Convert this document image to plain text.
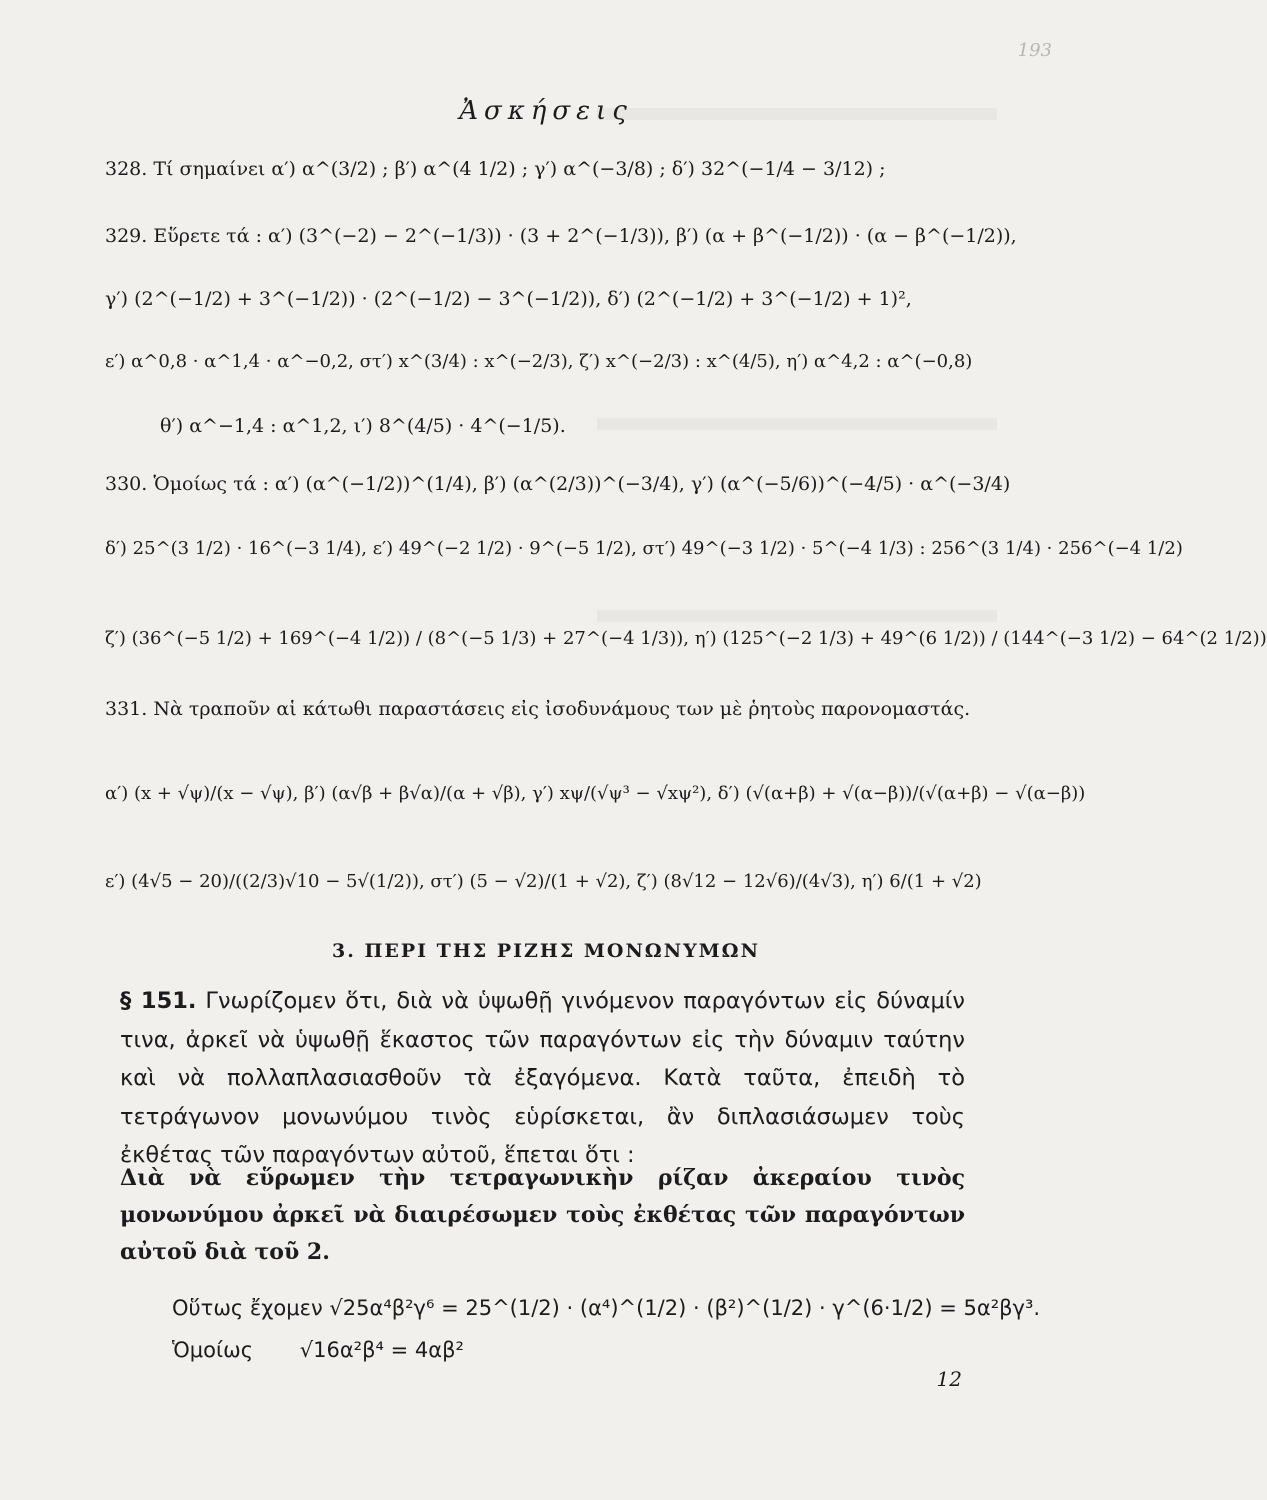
193
Ἀσκήσεις
328. Τί σημαίνει α′) α^(3/2) ; β′) α^(4 1/2) ; γ′) α^(−3/8) ; δ′) 32^(−1/4 − 3/12) ;
329. Εὕρετε τά : α′) (3^(−2) − 2^(−1/3)) · (3 + 2^(−1/3)), β′) (α + β^(−1/2)) · (α − β^(−1/2)),
γ′) (2^(−1/2) + 3^(−1/2)) · (2^(−1/2) − 3^(−1/2)), δ′) (2^(−1/2) + 3^(−1/2) + 1)²,
ε′) α^0,8 · α^1,4 · α^−0,2, στ′) x^(3/4) : x^(−2/3), ζ′) x^(−2/3) : x^(4/5), η′) α^4,2 : α^(−0,8)
θ′) α^−1,4 : α^1,2, ι′) 8^(4/5) · 4^(−1/5).
330. Ὁμοίως τά : α′) (α^(−1/2))^(1/4), β′) (α^(2/3))^(−3/4), γ′) (α^(−5/6))^(−4/5) · α^(−3/4)
δ′) 25^(3 1/2) · 16^(−3 1/4), ε′) 49^(−2 1/2) · 9^(−5 1/2), στ′) 49^(−3 1/2) · 5^(−4 1/3) : 256^(3 1/4) · 256^(−4 1/2)
ζ′) (36^(−5 1/2) + 169^(−4 1/2)) / (8^(−5 1/3) + 27^(−4 1/3)), η′) (125^(−2 1/3) + 49^(6 1/2)) / (144^(−3 1/2) − 64^(2 1/2))
331. Νὰ τραποῦν αἱ κάτωθι παραστάσεις εἰς ἰσοδυνάμους των μὲ ῥητοὺς παρονομαστάς.
α′) (x + √ψ)/(x − √ψ), β′) (α√β + β√α)/(α + √β), γ′) xψ/(√ψ³ − √xψ²), δ′) (√(α+β) + √(α−β))/(√(α+β) − √(α−β))
ε′) (4√5 − 20)/((2/3)√10 − 5√(1/2)), στ′) (5 − √2)/(1 + √2), ζ′) (8√12 − 12√6)/(4√3), η′) 6/(1 + √2)
3. ΠΕΡΙ ΤΗΣ ΡΙΖΗΣ ΜΟΝΩΝΥΜΩΝ
§ 151. Γνωρίζομεν ὅτι, διὰ νὰ ὑψωθῇ γινόμενον παραγόντων εἰς δύναμίν τινα, ἀρκεῖ νὰ ὑψωθῇ ἕκαστος τῶν παραγόντων εἰς τὴν δύναμιν ταύτην καὶ νὰ πολλαπλασιασθοῦν τὰ ἐξαγόμενα. Κατὰ ταῦτα, ἐπειδὴ τὸ τετράγωνον μονωνύμου τινὸς εὑρίσκεται, ἂν διπλασιάσωμεν τοὺς ἐκθέτας τῶν παραγόντων αὐτοῦ, ἕπεται ὅτι :
Διὰ νὰ εὕρωμεν τὴν τετραγωνικὴν ρίζαν ἀκεραίου τινὸς μονωνύμου ἀρκεῖ νὰ διαιρέσωμεν τοὺς ἐκθέτας τῶν παραγόντων αὐτοῦ διὰ τοῦ 2.
Οὕτως ἔχομεν √25α⁴β²γ⁶ = 25^(1/2) · (α⁴)^(1/2) · (β²)^(1/2) · γ^(6·1/2) = 5α²βγ³.
Ὁμοίως √16α²β⁴ = 4αβ²
12
